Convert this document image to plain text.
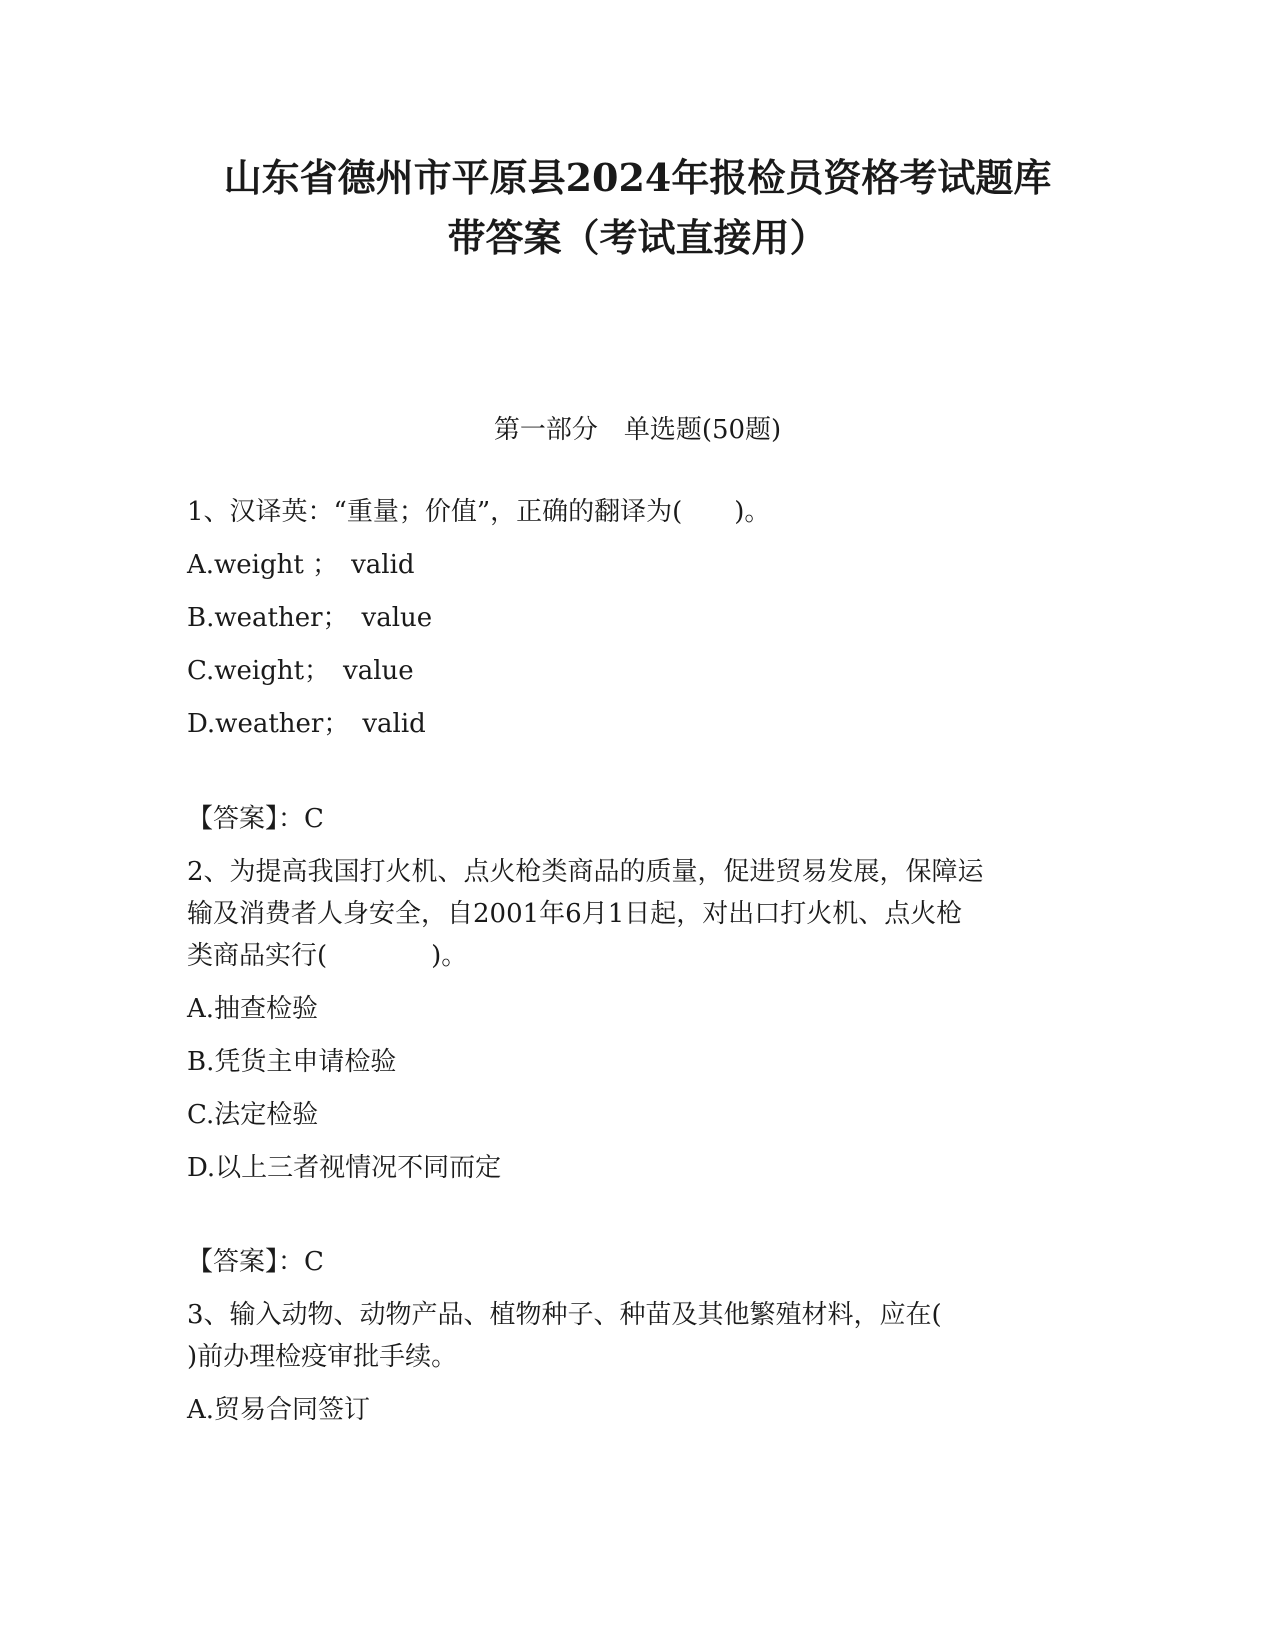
山东省德州市平原县2024年报检员资格考试题库
带答案（考试直接用）
第一部分　单选题(50题)
1、汉译英：“重量；价值”，正确的翻译为(　　)。
A.weight ；　valid
B.weather；　value
C.weight；　value
D.weather；　valid
【答案】：C
2、为提高我国打火机、点火枪类商品的质量，促进贸易发展，保障运
输及消费者人身安全，自2001年6月1日起，对出口打火机、点火枪
类商品实行(　　　　)。
A.抽查检验
B.凭货主申请检验
C.法定检验
D.以上三者视情况不同而定
【答案】：C
3、输入动物、动物产品、植物种子、种苗及其他繁殖材料，应在(
)前办理检疫审批手续。
A.贸易合同签订
